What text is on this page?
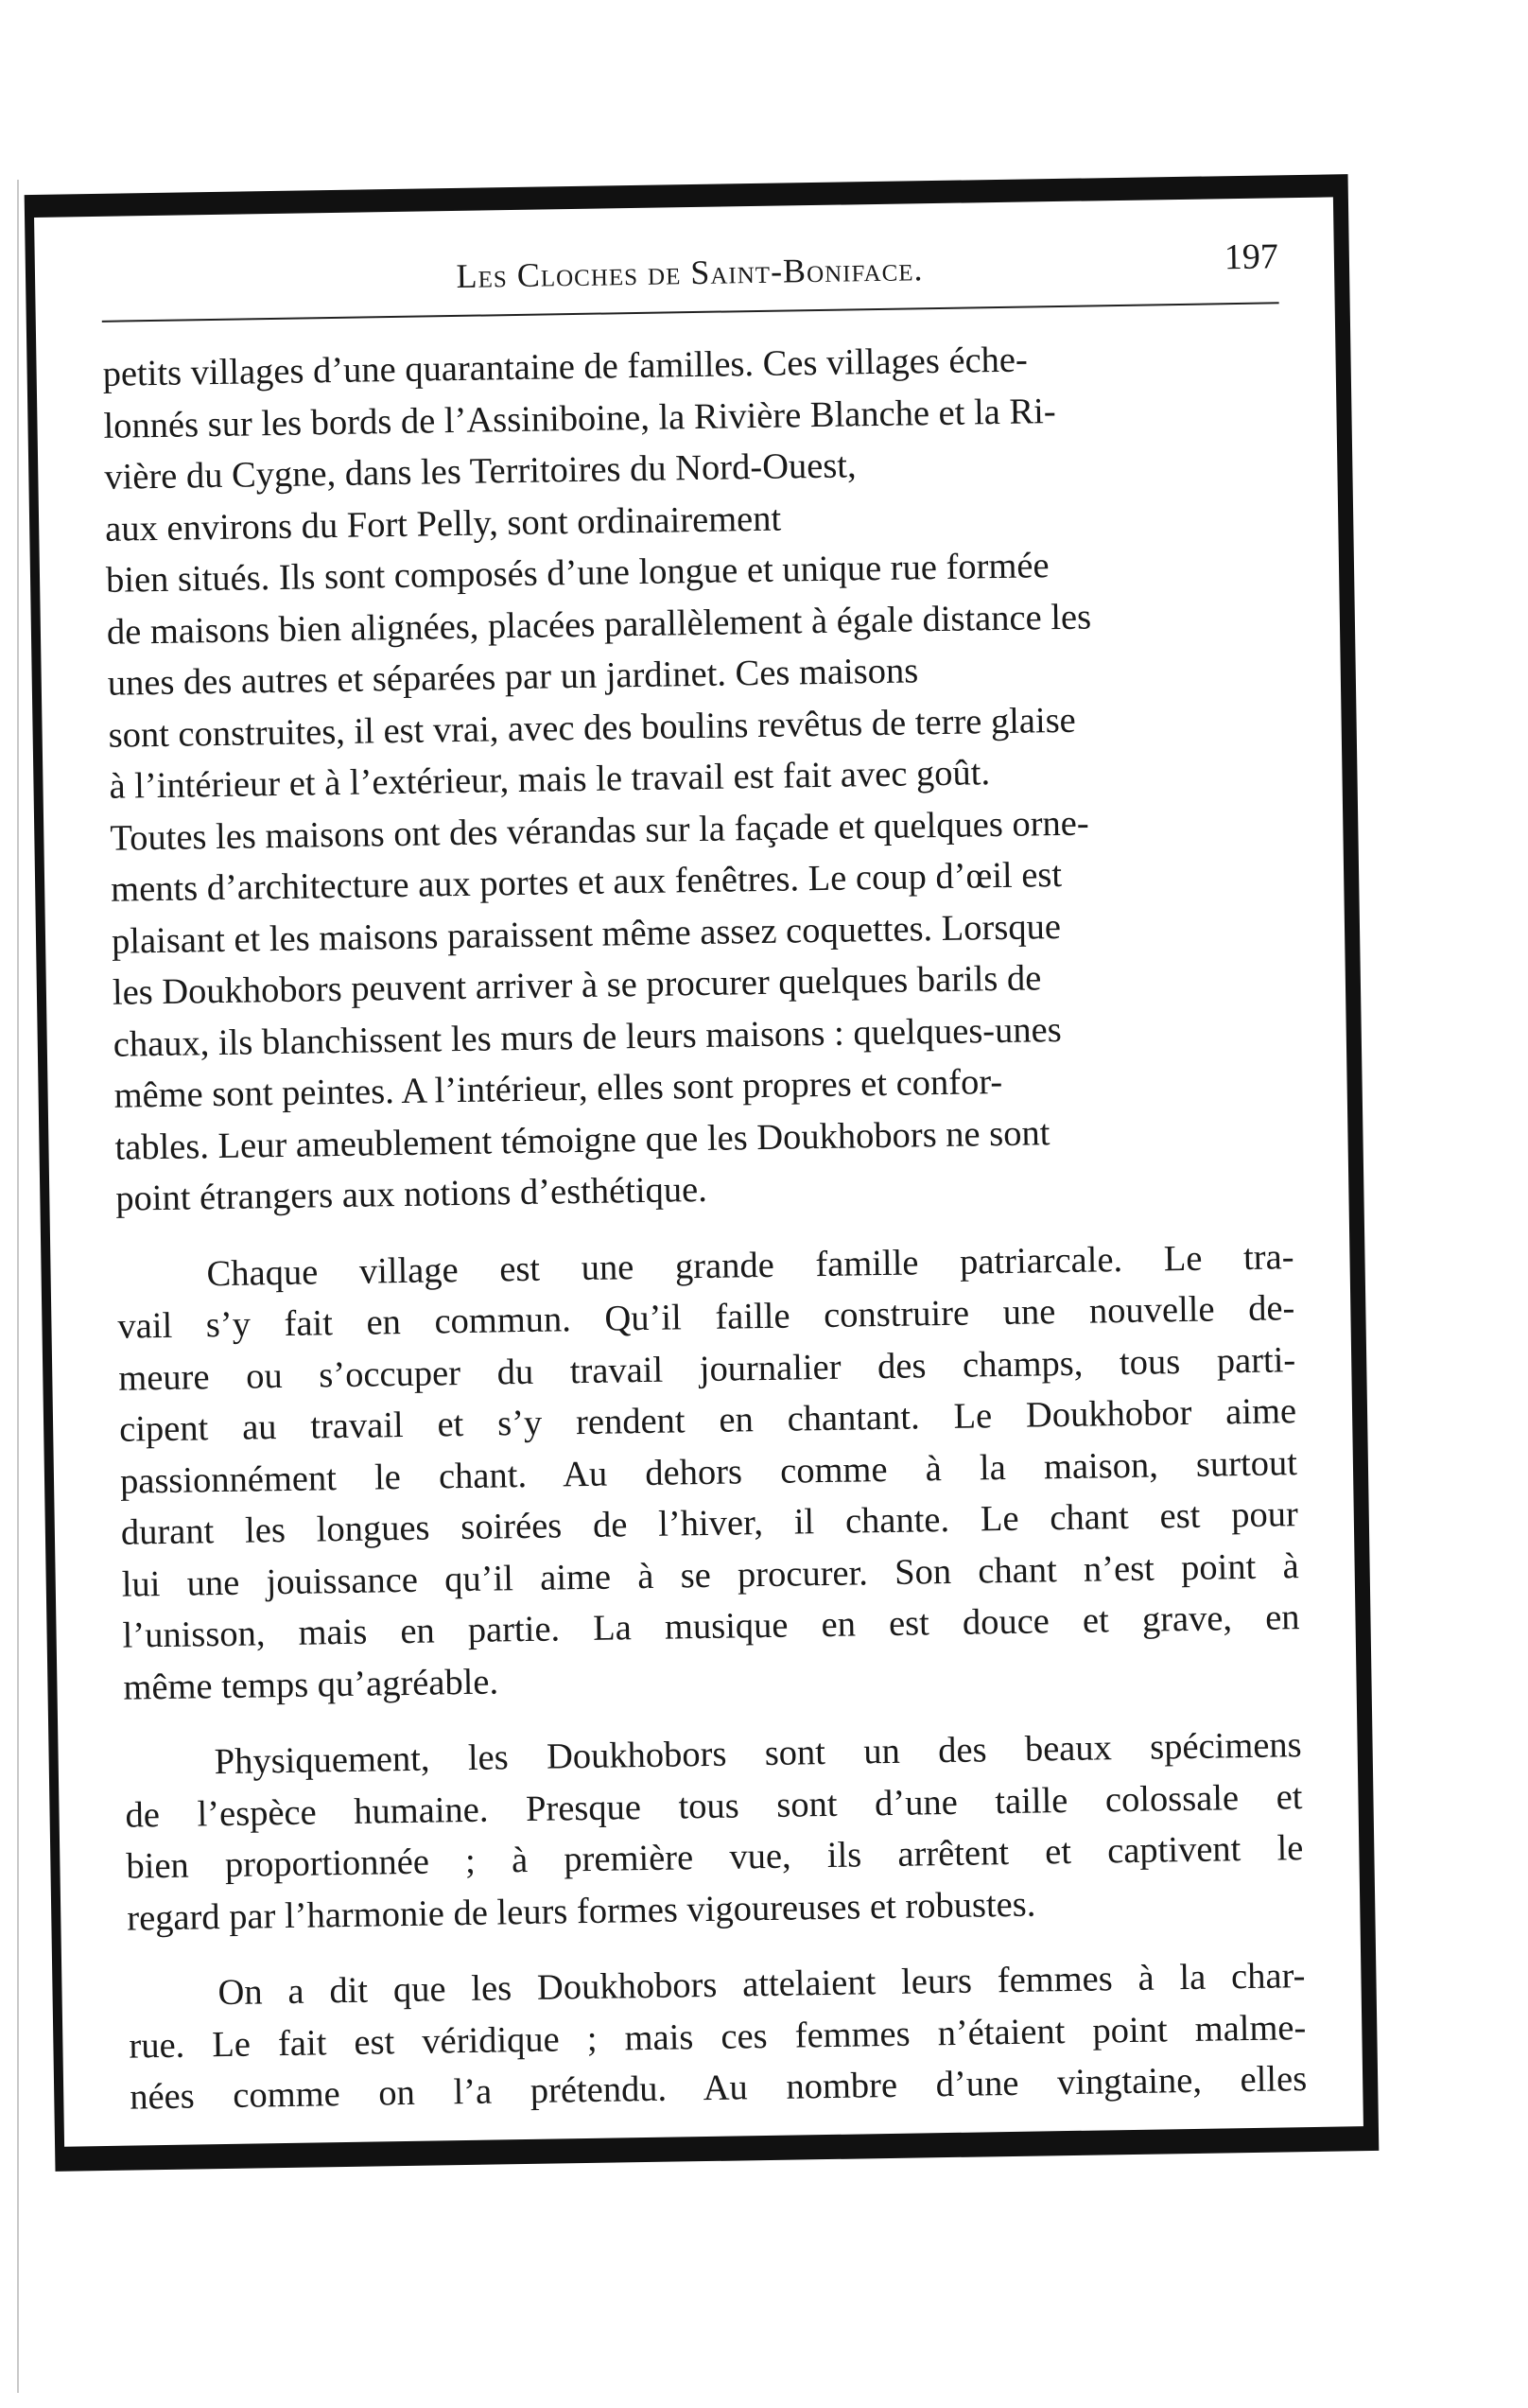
Les Cloches de Saint-Boniface.	197

petits villages d’une quarantaine de familles. Ces villages éche-
lonnés sur les bords de l’Assiniboine, la Rivière Blanche et la Ri-
vière du Cygne, dans les Territoires du Nord-Ouest,
aux environs du Fort Pelly, sont ordinairement
bien situés. Ils sont composés d’une longue et unique rue formée
de maisons bien alignées, placées parallèlement à égale distance les
unes des autres et séparées par un jardinet. Ces maisons
sont construites, il est vrai, avec des boulins revêtus de terre glaise
à l’intérieur et à l’extérieur, mais le travail est fait avec goût.
Toutes les maisons ont des vérandas sur la façade et quelques orne-
ments d’architecture aux portes et aux fenêtres. Le coup d’œil est
plaisant et les maisons paraissent même assez coquettes. Lorsque
les Doukhobors peuvent arriver à se procurer quelques barils de
chaux, ils blanchissent les murs de leurs maisons : quelques-unes
même sont peintes. A l’intérieur, elles sont propres et confor-
tables. Leur ameublement témoigne que les Doukhobors ne sont
point étrangers aux notions d’esthétique.

Chaque village est une grande famille patriarcale. Le tra-
vail s’y fait en commun. Qu’il faille construire une nouvelle de-
meure ou s’occuper du travail journalier des champs, tous parti-
cipent au travail et s’y rendent en chantant. Le Doukhobor aime
passionnément le chant. Au dehors comme à la maison, surtout
durant les longues soirées de l’hiver, il chante. Le chant est pour
lui une jouissance qu’il aime à se procurer. Son chant n’est point à
l’unisson, mais en partie. La musique en est douce et grave, en
même temps qu’agréable.

Physiquement, les Doukhobors sont un des beaux spécimens
de l’espèce humaine. Presque tous sont d’une taille colossale et
bien proportionnée ; à première vue, ils arrêtent et captivent le
regard par l’harmonie de leurs formes vigoureuses et robustes.

On a dit que les Doukhobors attelaient leurs femmes à la char-
rue. Le fait est véridique ; mais ces femmes n’étaient point malme-
nées comme on l’a prétendu. Au nombre d’une vingtaine, elles
